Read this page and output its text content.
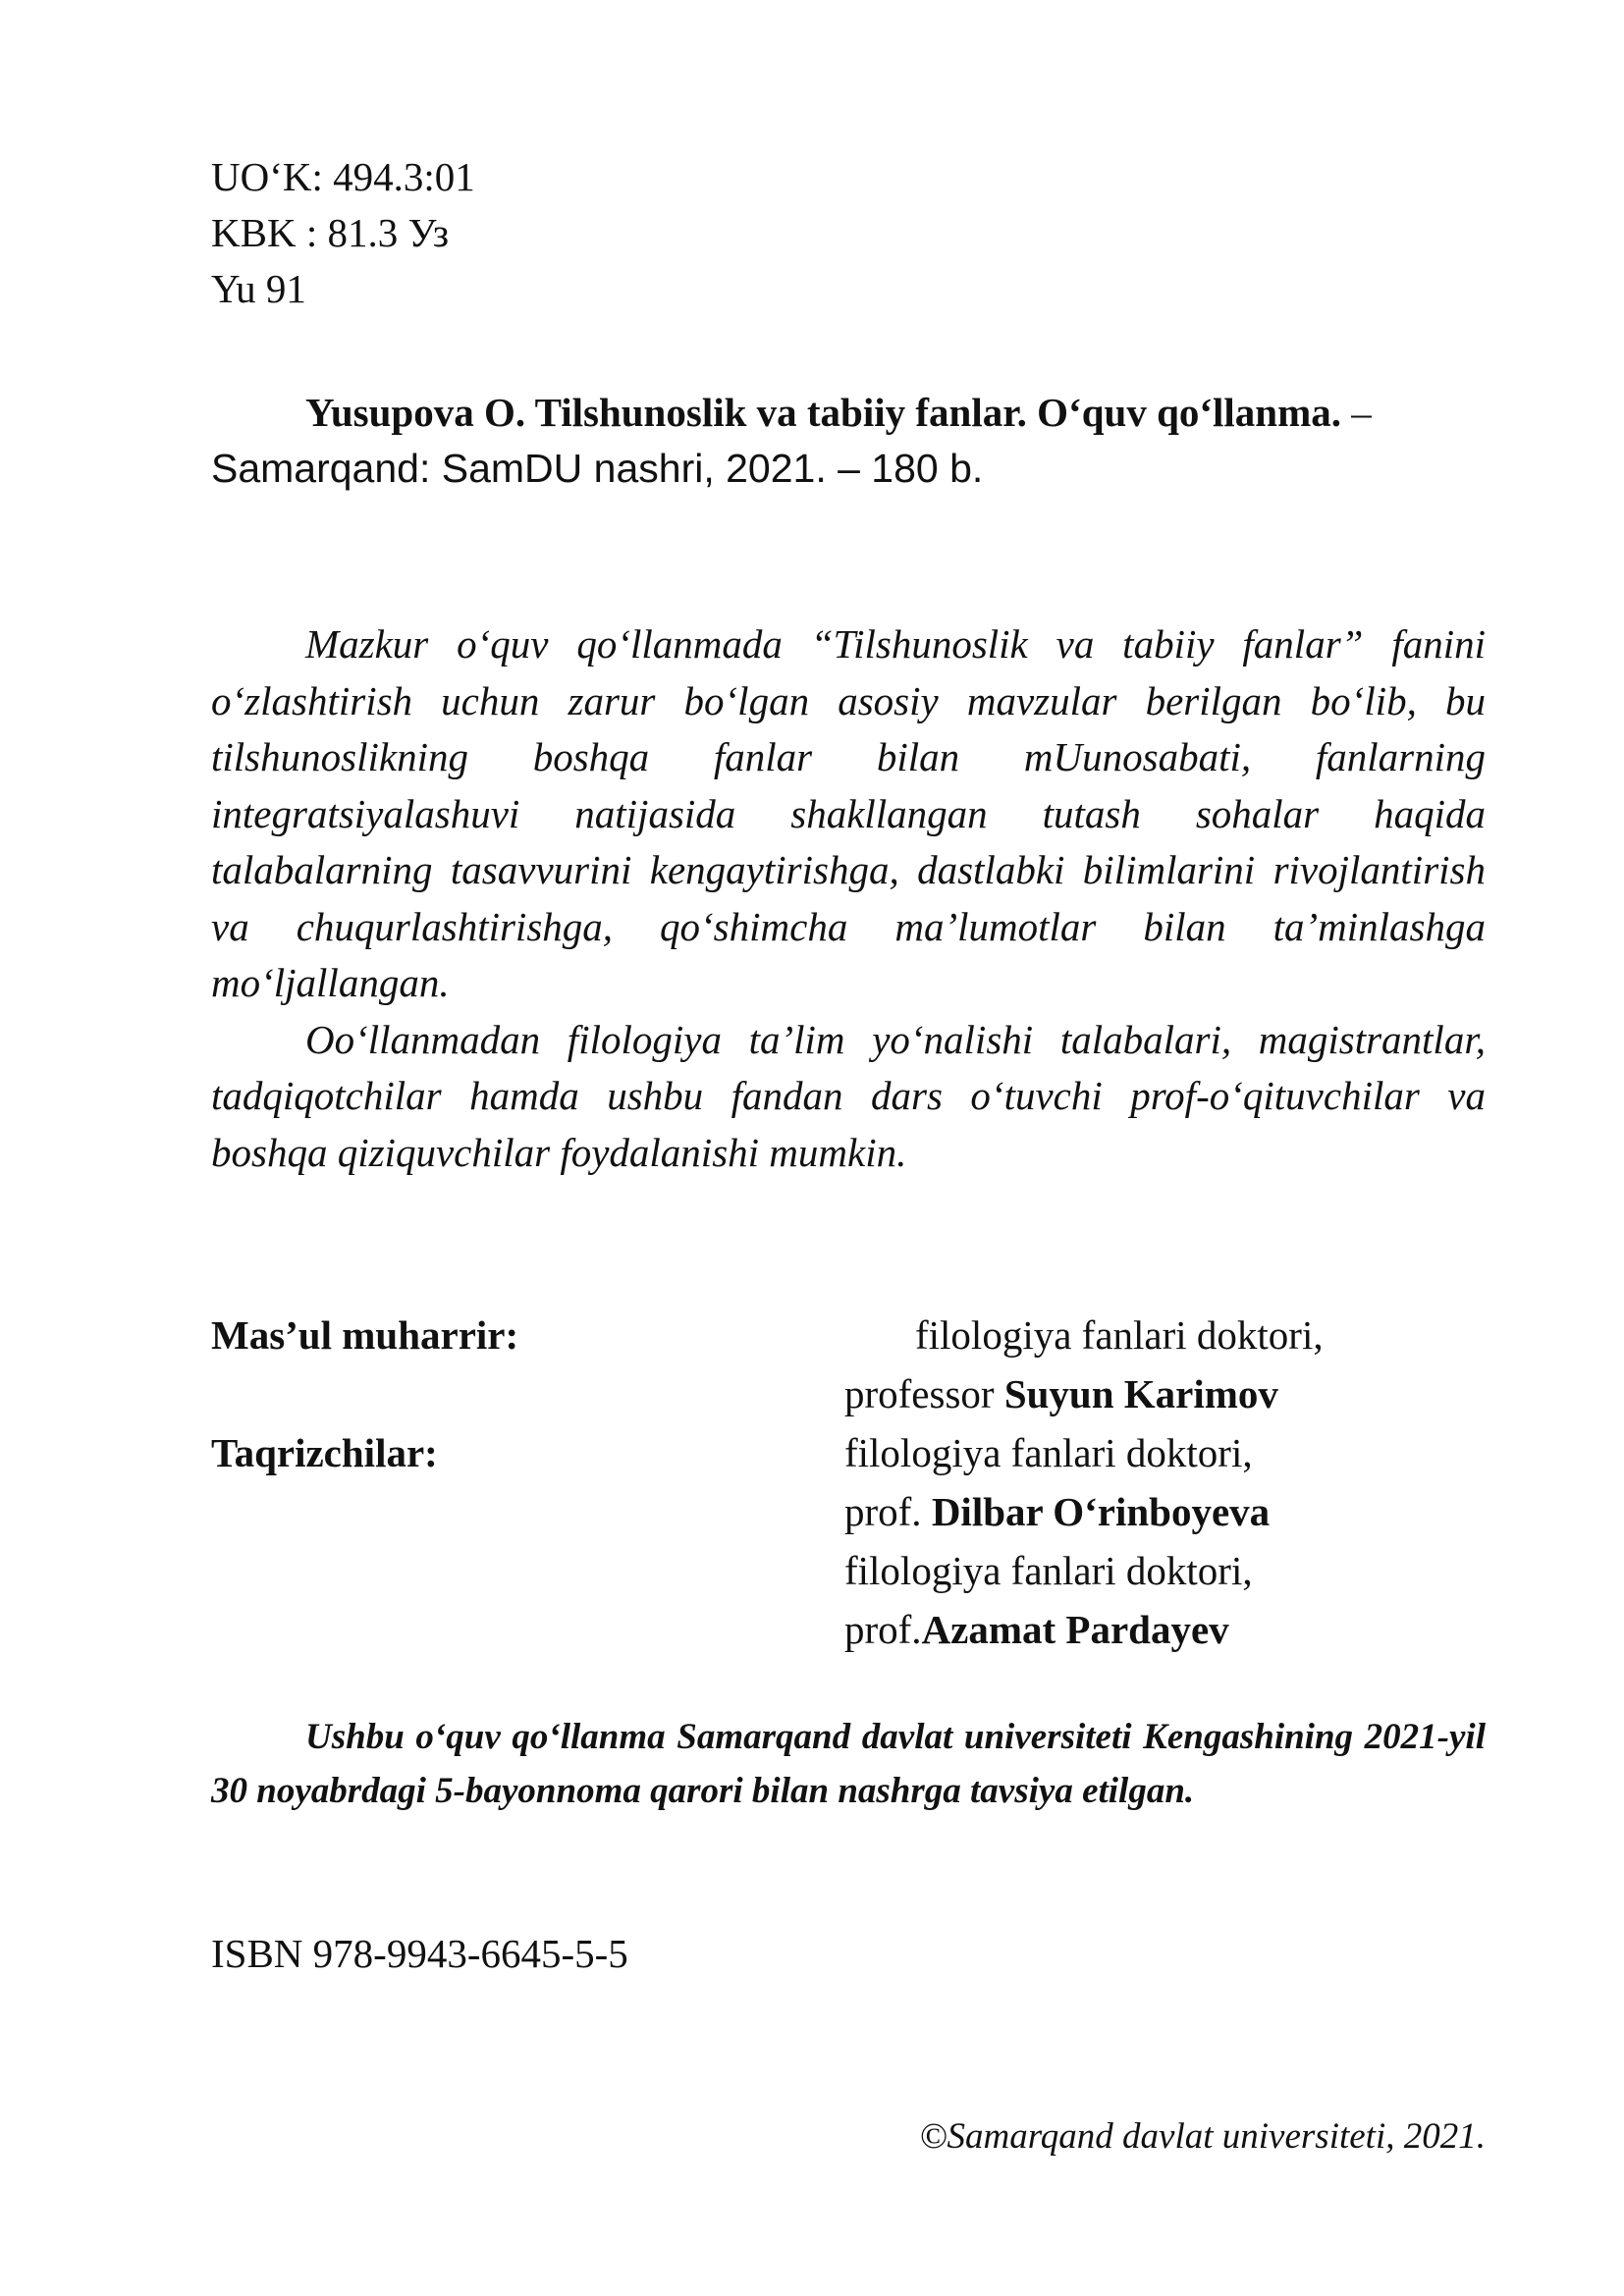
UO‘K: 494.3:01
KBK : 81.3 Уз
Yu 91
Yusupova O. Tilshunoslik va tabiiy fanlar. O‘quv qo‘llanma. –
Samarqand: SamDU nashri, 2021. – 180 b.

Mazkur o‘quv qo‘llanmada “Tilshunoslik va tabiiy fanlar” fanini o‘zlashtirish uchun zarur bo‘lgan asosiy mavzular berilgan bo‘lib, bu tilshunoslikning boshqa fanlar bilan mUunosabati, fanlarning integratsiyalashuvi natijasida shakllangan tutash sohalar haqida talabalarning tasavvurini kengaytirishga, dastlabki bilimlarini rivojlantirish va chuqurlashtirishga, qo‘shimcha ma’lumotlar bilan ta’minlashga mo‘ljallangan.

Oo‘llanmadan filologiya ta’lim yo‘nalishi talabalari, magistrantlar, tadqiqotchilar hamda ushbu fandan dars o‘tuvchi prof-o‘qituvchilar va boshqa qiziquvchilar foydalanishi mumkin.

Mas’ul muharrir:	filologiya fanlari doktori,
professor Suyun Karimov
Taqrizchilar:	filologiya fanlari doktori,
prof. Dilbar O‘rinboyeva
filologiya fanlari doktori,
prof.Azamat Pardayev

Ushbu o‘quv qo‘llanma Samarqand davlat universiteti Kengashining 2021-yil 30 noyabrdagi 5-bayonnoma qarori bilan nashrga tavsiya etilgan.

ISBN 978-9943-6645-5-5
©Samarqand davlat universiteti, 2021.
